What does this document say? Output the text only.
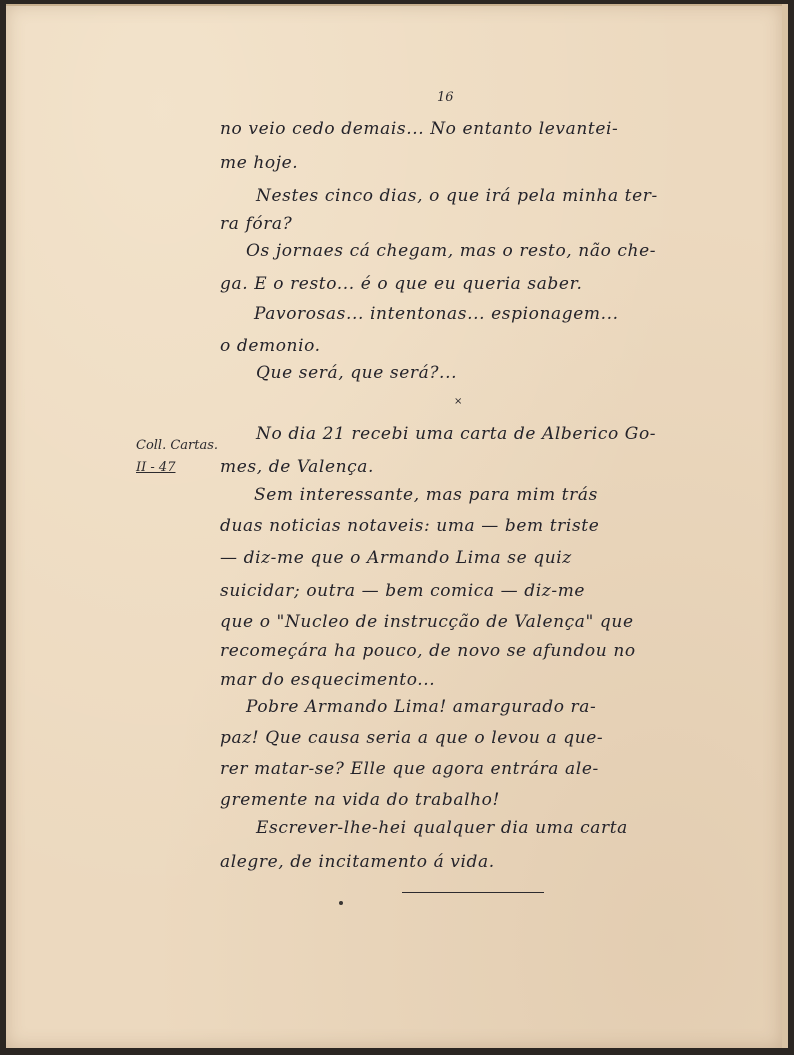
16
no veio cedo demais... No entanto levantei-
me hoje.
Nestes cinco dias, o que irá pela minha ter-
ra fóra?
Os jornaes cá chegam, mas o resto, não che-
ga. E o resto... é o que eu queria saber.
Pavorosas... intentonas... espionagem...
o demonio.
Que será, que será?...
×
No dia 21 recebi uma carta de Alberico Go-
mes, de Valença.
Sem interessante, mas para mim trás
duas noticias notaveis: uma — bem triste
— diz-me que o Armando Lima se quiz
suicidar; outra — bem comica — diz-me
que o "Nucleo de instrucção de Valença" que
recomeçára ha pouco, de novo se afundou no
mar do esquecimento...
Pobre Armando Lima! amargurado ra-
paz! Que causa seria a que o levou a que-
rer matar-se? Elle que agora entrára ale-
gremente na vida do trabalho!
Escrever-lhe-hei qualquer dia uma carta
alegre, de incitamento á vida.
Coll. Cartas.
II - 47
